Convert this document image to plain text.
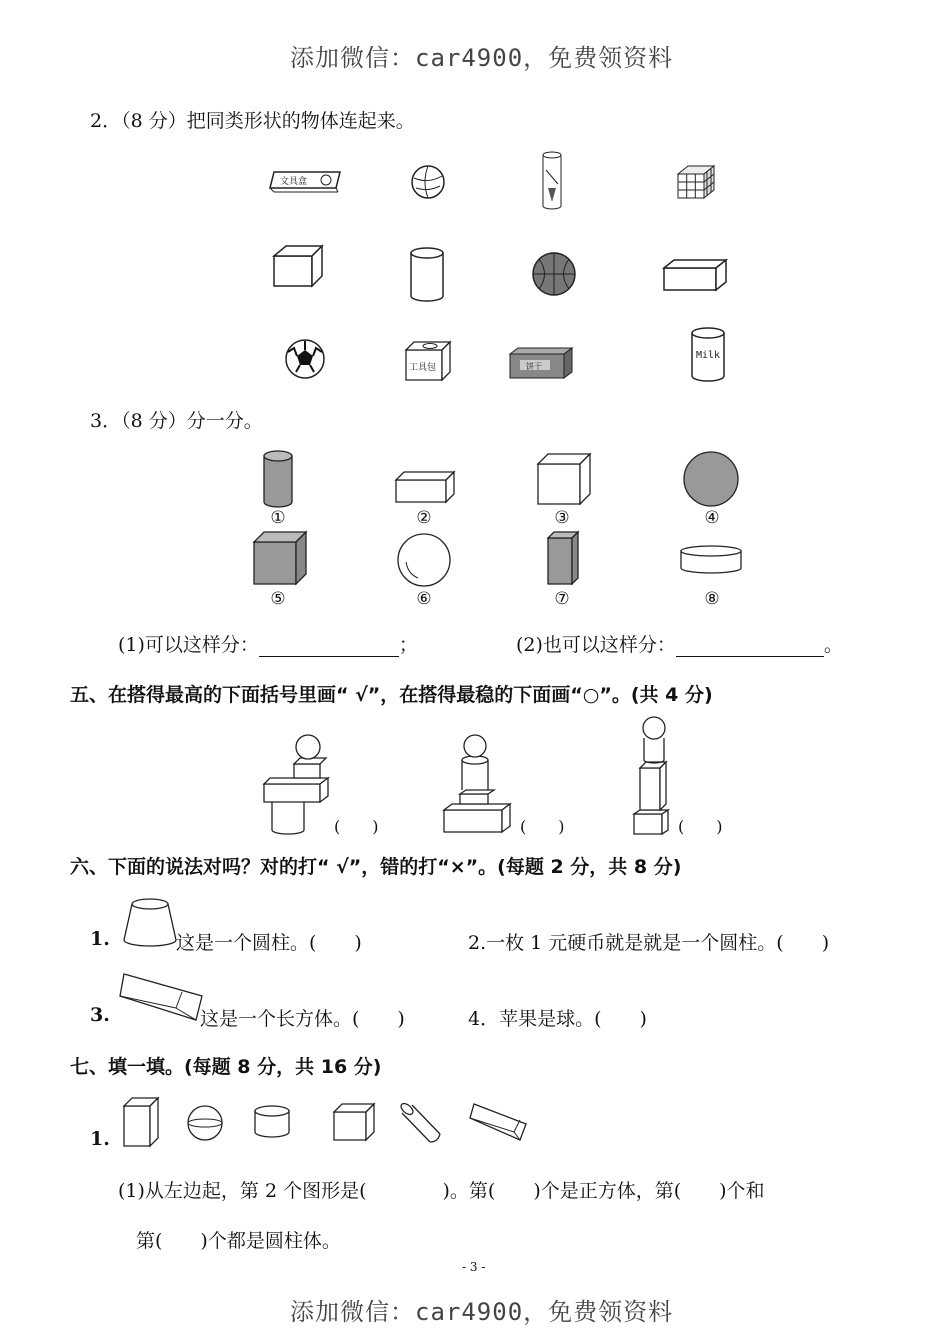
添加微信：car4900，免费领资料
2．（8 分）把同类形状的物体连起来。
文具盒
工具包	饼干
Milk
3．（8 分）分一分。
①	②	③	④
⑤	⑥	⑦	⑧
(1)可以这样分：	；	(2)也可以这样分：	。
五、在搭得最高的下面括号里画“ √”，在搭得最稳的下面画“○”。(共 4 分)
(　　)	(　　)	(　　)
六、下面的说法对吗？对的打“ √”，错的打“×”。(每题 2 分，共 8 分)
1.	这是一个圆柱。(　　)	2.一枚 1 元硬币就是就是一个圆柱。(　　)
3.	这是一个长方体。(　　)	4．苹果是球。(　　)
七、填一填。(每题 8 分，共 16 分)
1.
(1)从左边起，第 2 个图形是(　　　　)。第(　　)个是正方体，第(　　)个和
第(　　)个都是圆柱体。
- 3 -
添加微信：car4900，免费领资料
